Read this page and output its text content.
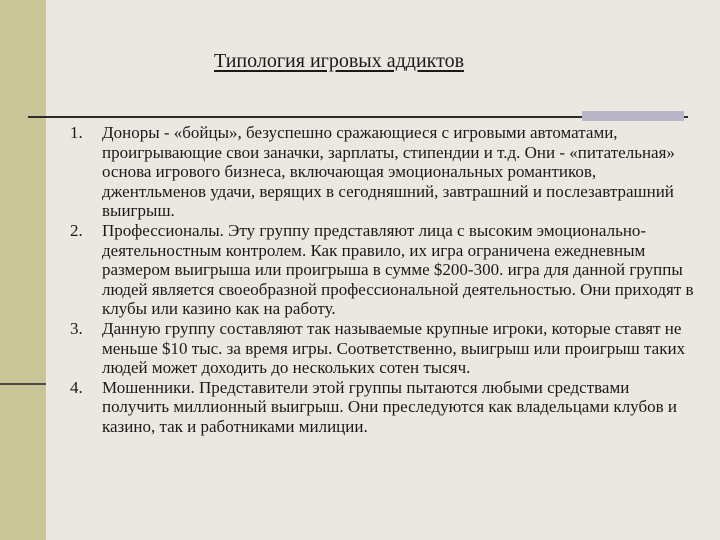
Типология игровых аддиктов
1. Доноры - «бойцы», безуспешно сражающиеся с игровыми автоматами, проигрывающие свои заначки, зарплаты, стипендии и т.д. Они - «питательная» основа игрового бизнеса, включающая эмоциональных романтиков, джентльменов удачи, верящих в сегодняшний, завтрашний и послезавтрашний выигрыш.
2. Профессионалы. Эту группу представляют лица с высоким эмоционально-деятельностным контролем. Как правило, их игра ограничена ежедневным размером выигрыша или проигрыша в сумме $200-300. игра для данной группы людей является своеобразной профессиональной деятельностью. Они приходят в клубы или казино как на работу.
3. Данную группу составляют так называемые крупные игроки, которые ставят не меньше $10 тыс. за время игры. Соответственно, выигрыш или проигрыш таких людей может доходить до нескольких сотен тысяч.
4. Мошенники. Представители этой группы пытаются любыми средствами получить миллионный выигрыш. Они преследуются как владельцами клубов и казино, так и работниками милиции.
